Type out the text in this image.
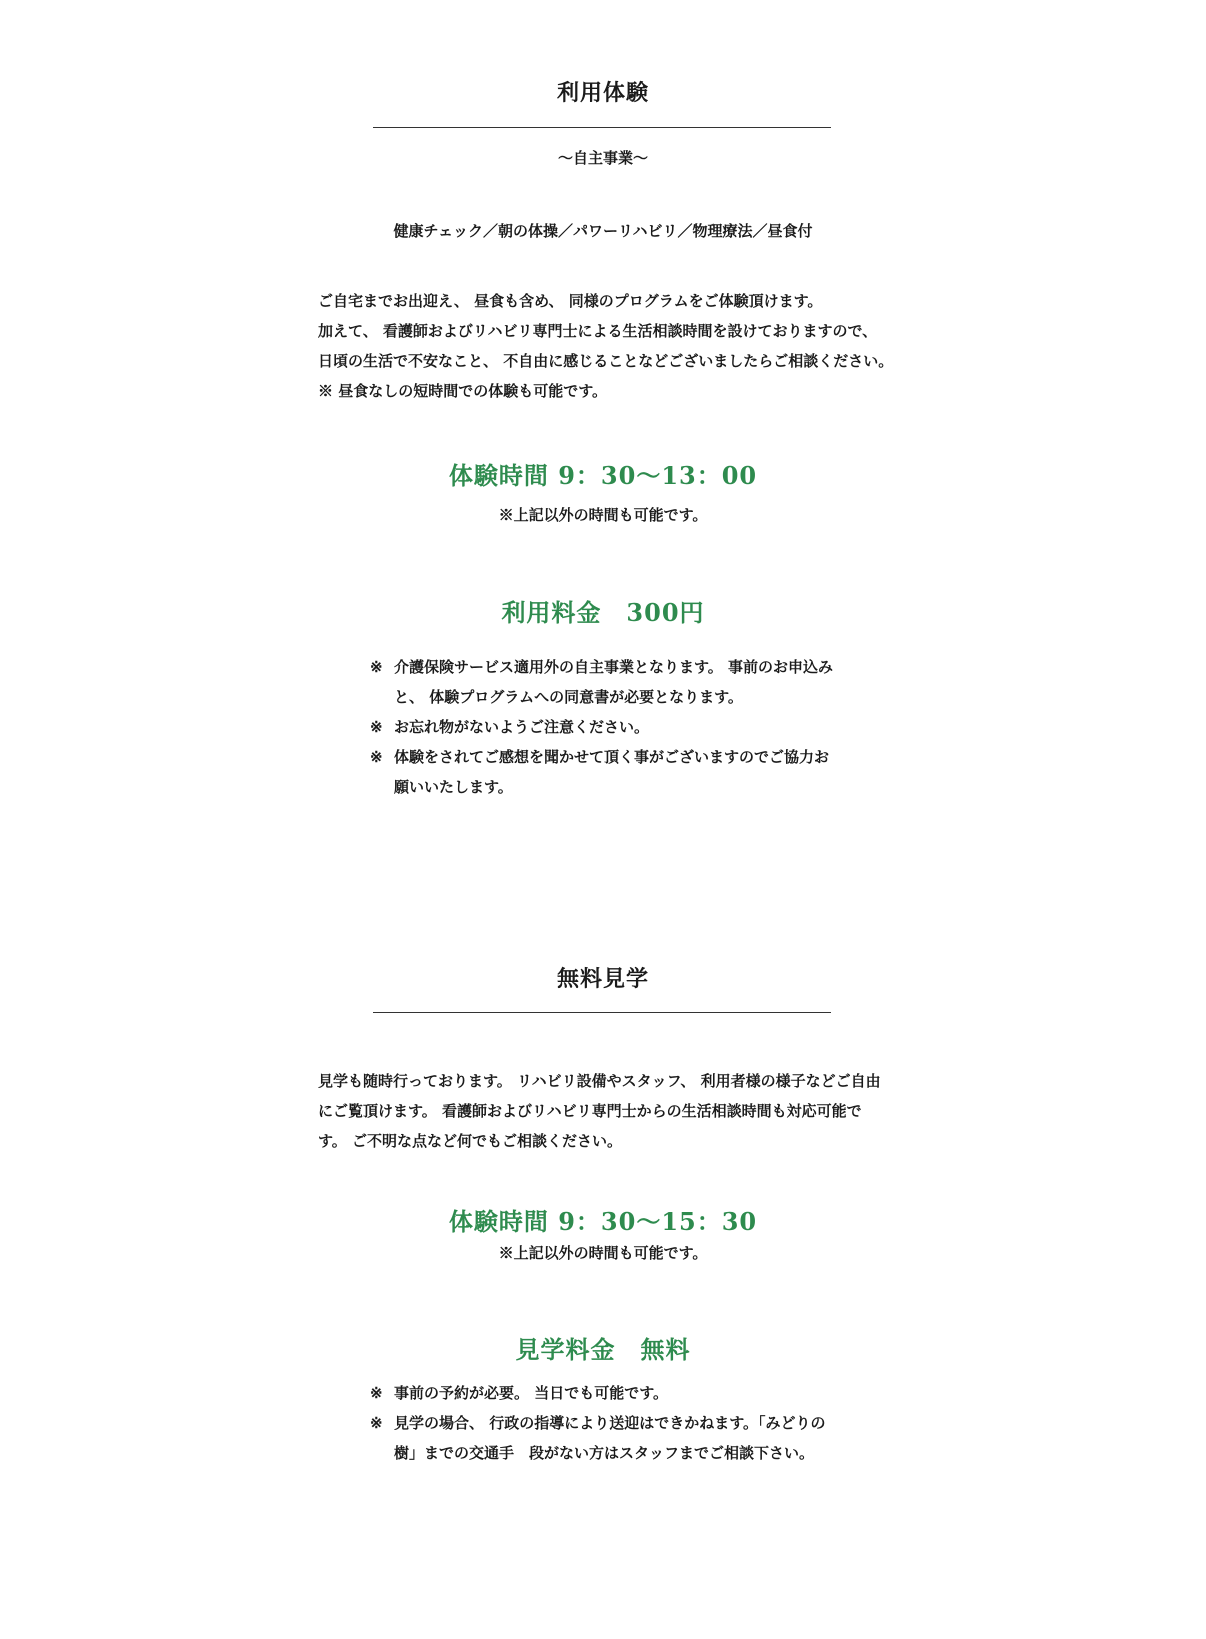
利用体験
～自主事業～
健康チェック／朝の体操／パワーリハビリ／物理療法／昼食付

ご自宅までお出迎え、 昼食も含め、 同様のプログラムをご体験頂けます。

加えて、 看護師およびリハビリ専門士による生活相談時間を設けておりますので、

日頃の生活で不安なこと、 不自由に感じることなどございましたらご相談ください。

※ 昼食なしの短時間での体験も可能です。

体験時間 9：30～13：00
※上記以外の時間も可能です。
利用料金　300円
※ 介護保険サービス適用外の自主事業となります。 事前のお申込みと、 体験プログラムへの同意書が必要となります。
※ お忘れ物がないようご注意ください。
※ 体験をされてご感想を聞かせて頂く事がございますのでご協力お願いいたします。
無料見学

見学も随時行っております。 リハビリ設備やスタッフ、 利用者様の様子などご自由

にご覧頂けます。 看護師およびリハビリ専門士からの生活相談時間も対応可能で

す。 ご不明な点など何でもご相談ください。

体験時間 9：30～15：30
※上記以外の時間も可能です。
見学料金　無料
※ 事前の予約が必要。 当日でも可能です。
※ 見学の場合、 行政の指導により送迎はできかねます。「みどりの樹」までの交通手　段がない方はスタッフまでご相談下さい。
